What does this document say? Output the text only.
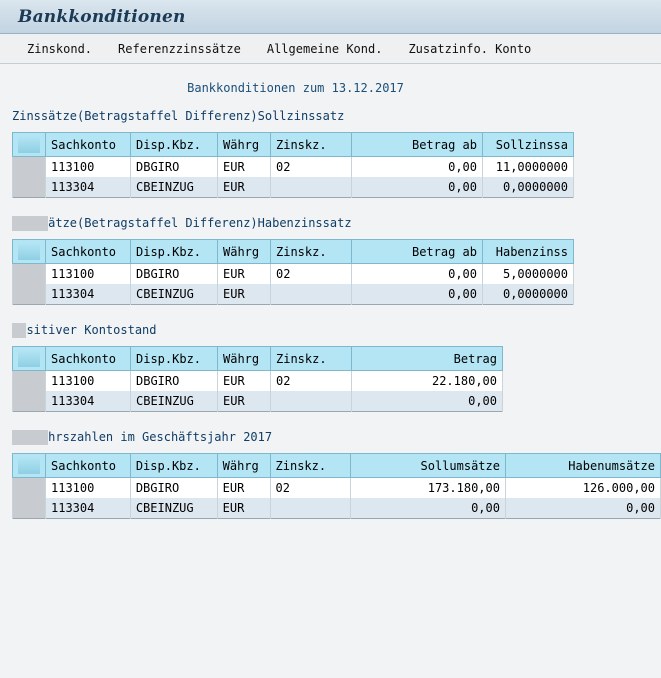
Bankkonditionen
Zinskond.	Referenzzinssätze	Allgemeine Kond.	Zusatzinfo. Konto
Bankkonditionen zum 13.12.2017
Zinssätze(Betragstaffel Differenz)Sollzinssatz
	Sachkonto	Disp.Kbz.	Währg	Zinskz.	Betrag ab	Sollzinssa

	113100	DBGIRO	EUR	02	0,00	11,0000000

	113304	CBEINZUG	EUR		0,00	0,0000000
ätze(Betragstaffel Differenz)Habenzinssatz
	Sachkonto	Disp.Kbz.	Währg	Zinskz.	Betrag ab	Habenzinss

	113100	DBGIRO	EUR	02	0,00	5,0000000

	113304	CBEINZUG	EUR		0,00	0,0000000
sitiver Kontostand
	Sachkonto	Disp.Kbz.	Währg	Zinskz.	Betrag

	113100	DBGIRO	EUR	02	22.180,00

	113304	CBEINZUG	EUR		0,00
hrszahlen im Geschäftsjahr 2017
	Sachkonto	Disp.Kbz.	Währg	Zinskz.	Sollumsätze	Habenumsätze

	113100	DBGIRO	EUR	02	173.180,00	126.000,00

	113304	CBEINZUG	EUR		0,00	0,00
